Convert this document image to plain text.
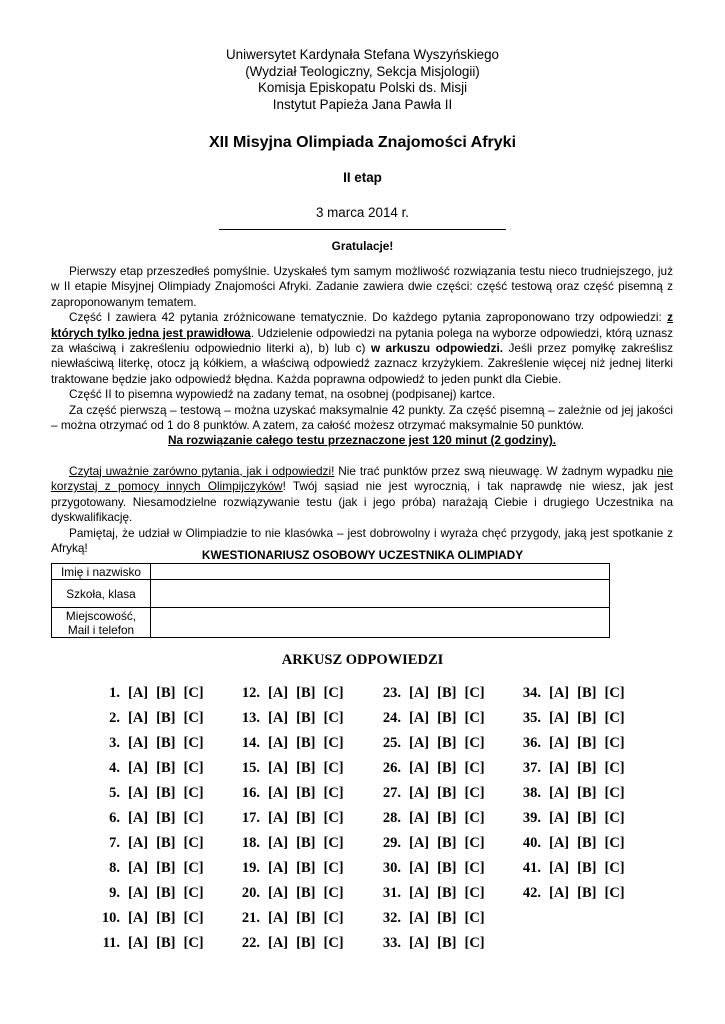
Uniwersytet Kardynała Stefana Wyszyńskiego
(Wydział Teologiczny, Sekcja Misjologii)
Komisja Episkopatu Polski ds. Misji
Instytut Papieża Jana Pawła II
XII Misyjna Olimpiada Znajomości Afryki
II etap
3 marca 2014 r.
Gratulacje!

Pierwszy etap przeszedłeś pomyślnie. Uzyskałeś tym samym możliwość rozwiązania testu nieco trudniejszego, już w II etapie Misyjnej Olimpiady Znajomości Afryki. Zadanie zawiera dwie części: część testową oraz część pisemną z zaproponowanym tematem.

Część I zawiera 42 pytania zróżnicowane tematycznie. Do każdego pytania zaproponowano trzy odpowiedzi: z których tylko jedna jest prawidłowa. Udzielenie odpowiedzi na pytania polega na wyborze odpowiedzi, którą uznasz za właściwą i zakreśleniu odpowiednio literki a), b) lub c) w arkuszu odpowiedzi. Jeśli przez pomyłkę zakreślisz niewłaściwą literkę, otocz ją kółkiem, a właściwą odpowiedź zaznacz krzyżykiem. Zakreślenie więcej niż jednej literki traktowane będzie jako odpowiedź błędna. Każda poprawna odpowiedź to jeden punkt dla Ciebie.

Część II to pisemna wypowiedź na zadany temat, na osobnej (podpisanej) kartce.

Za część pierwszą – testową – można uzyskać maksymalnie 42 punkty. Za część pisemną – zależnie od jej jakości – można otrzymać od 1 do 8 punktów. A zatem, za całość możesz otrzymać maksymalnie 50 punktów.

Na rozwiązanie całego testu przeznaczone jest 120 minut (2 godziny).

Czytaj uważnie zarówno pytania, jak i odpowiedzi! Nie trać punktów przez swą nieuwagę. W żadnym wypadku nie korzystaj z pomocy innych Olimpijczyków! Twój sąsiad nie jest wyrocznią, i tak naprawdę nie wiesz, jak jest przygotowany. Niesamodzielne rozwiązywanie testu (jak i jego próba) narażają Ciebie i drugiego Uczestnika na dyskwalifikację.

Pamiętaj, że udział w Olimpiadzie to nie klasówka – jest dobrowolny i wyraża chęć przygody, jaką jest spotkanie z Afryką!

KWESTIONARIUSZ OSOBOWY UCZESTNIKA OLIMPIADY
Imię i nazwisko	
Szkoła, klasa	

Miejscowość,
Mail i telefon	

ARKUSZ ODPOWIEDZI
1. [A] [B] [C]
2. [A] [B] [C]
3. [A] [B] [C]
4. [A] [B] [C]
5. [A] [B] [C]
6. [A] [B] [C]
7. [A] [B] [C]
8. [A] [B] [C]
9. [A] [B] [C]
10. [A] [B] [C]
11. [A] [B] [C]
12. [A] [B] [C]
13. [A] [B] [C]
14. [A] [B] [C]
15. [A] [B] [C]
16. [A] [B] [C]
17. [A] [B] [C]
18. [A] [B] [C]
19. [A] [B] [C]
20. [A] [B] [C]
21. [A] [B] [C]
22. [A] [B] [C]
23. [A] [B] [C]
24. [A] [B] [C]
25. [A] [B] [C]
26. [A] [B] [C]
27. [A] [B] [C]
28. [A] [B] [C]
29. [A] [B] [C]
30. [A] [B] [C]
31. [A] [B] [C]
32. [A] [B] [C]
33. [A] [B] [C]
34. [A] [B] [C]
35. [A] [B] [C]
36. [A] [B] [C]
37. [A] [B] [C]
38. [A] [B] [C]
39. [A] [B] [C]
40. [A] [B] [C]
41. [A] [B] [C]
42. [A] [B] [C]
